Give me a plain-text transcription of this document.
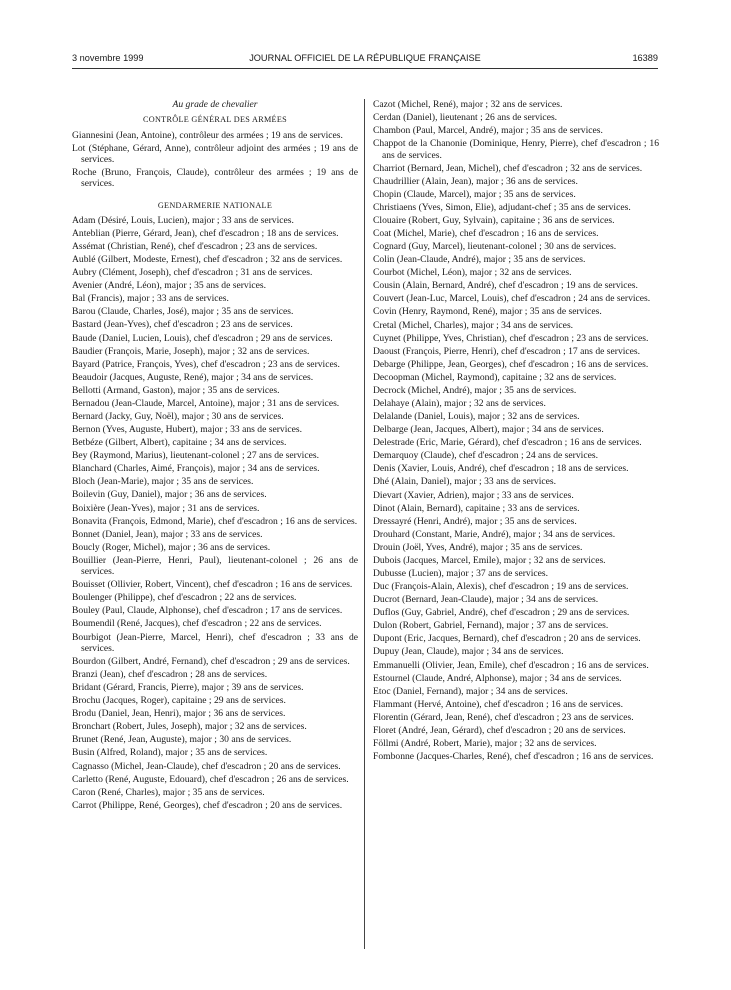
3 novembre 1999	JOURNAL OFFICIEL DE LA RÉPUBLIQUE FRANÇAISE	16389
Au grade de chevalier
CONTRÔLE GÉNÉRAL DES ARMÉES

Giannesini (Jean, Antoine), contrôleur des armées ; 19 ans de services.

Lot (Stéphane, Gérard, Anne), contrôleur adjoint des armées ; 19 ans de services.

Roche (Bruno, François, Claude), contrôleur des armées ; 19 ans de services.

GENDARMERIE NATIONALE

Adam (Désiré, Louis, Lucien), major ; 33 ans de services.

Anteblian (Pierre, Gérard, Jean), chef d'escadron ; 18 ans de services.

Assémat (Christian, René), chef d'escadron ; 23 ans de services.

Aublé (Gilbert, Modeste, Ernest), chef d'escadron ; 32 ans de services.

Aubry (Clément, Joseph), chef d'escadron ; 31 ans de services.

Avenier (André, Léon), major ; 35 ans de services.

Bal (Francis), major ; 33 ans de services.

Barou (Claude, Charles, José), major ; 35 ans de services.

Bastard (Jean-Yves), chef d'escadron ; 23 ans de services.

Baude (Daniel, Lucien, Louis), chef d'escadron ; 29 ans de services.

Baudier (François, Marie, Joseph), major ; 32 ans de services.

Bayard (Patrice, François, Yves), chef d'escadron ; 23 ans de services.

Beaudoir (Jacques, Auguste, René), major ; 34 ans de services.

Bellotti (Armand, Gaston), major ; 35 ans de services.

Bernadou (Jean-Claude, Marcel, Antoine), major ; 31 ans de services.

Bernard (Jacky, Guy, Noël), major ; 30 ans de services.

Bernon (Yves, Auguste, Hubert), major ; 33 ans de services.

Betbéze (Gilbert, Albert), capitaine ; 34 ans de services.

Bey (Raymond, Marius), lieutenant-colonel ; 27 ans de services.

Blanchard (Charles, Aimé, François), major ; 34 ans de services.

Bloch (Jean-Marie), major ; 35 ans de services.

Boilevin (Guy, Daniel), major ; 36 ans de services.

Boixière (Jean-Yves), major ; 31 ans de services.

Bonavita (François, Edmond, Marie), chef d'escadron ; 16 ans de services.

Bonnet (Daniel, Jean), major ; 33 ans de services.

Boucly (Roger, Michel), major ; 36 ans de services.

Bouillier (Jean-Pierre, Henri, Paul), lieutenant-colonel ; 26 ans de services.

Bouisset (Ollivier, Robert, Vincent), chef d'escadron ; 16 ans de services.

Boulenger (Philippe), chef d'escadron ; 22 ans de services.

Bouley (Paul, Claude, Alphonse), chef d'escadron ; 17 ans de services.

Boumendil (René, Jacques), chef d'escadron ; 22 ans de services.

Bourbigot (Jean-Pierre, Marcel, Henri), chef d'escadron ; 33 ans de services.

Bourdon (Gilbert, André, Fernand), chef d'escadron ; 29 ans de services.

Branzi (Jean), chef d'escadron ; 28 ans de services.

Bridant (Gérard, Francis, Pierre), major ; 39 ans de services.

Brochu (Jacques, Roger), capitaine ; 29 ans de services.

Brodu (Daniel, Jean, Henri), major ; 36 ans de services.

Bronchart (Robert, Jules, Joseph), major ; 32 ans de services.

Brunet (René, Jean, Auguste), major ; 30 ans de services.

Busin (Alfred, Roland), major ; 35 ans de services.

Cagnasso (Michel, Jean-Claude), chef d'escadron ; 20 ans de services.

Carletto (René, Auguste, Edouard), chef d'escadron ; 26 ans de services.

Caron (René, Charles), major ; 35 ans de services.

Carrot (Philippe, René, Georges), chef d'escadron ; 20 ans de services.

Cazot (Michel, René), major ; 32 ans de services.

Cerdan (Daniel), lieutenant ; 26 ans de services.

Chambon (Paul, Marcel, André), major ; 35 ans de services.

Chappot de la Chanonie (Dominique, Henry, Pierre), chef d'escadron ; 16 ans de services.

Charriot (Bernard, Jean, Michel), chef d'escadron ; 32 ans de services.

Chaudrillier (Alain, Jean), major ; 36 ans de services.

Chopin (Claude, Marcel), major ; 35 ans de services.

Christiaens (Yves, Simon, Elie), adjudant-chef ; 35 ans de services.

Clouaire (Robert, Guy, Sylvain), capitaine ; 36 ans de services.

Coat (Michel, Marie), chef d'escadron ; 16 ans de services.

Cognard (Guy, Marcel), lieutenant-colonel ; 30 ans de services.

Colin (Jean-Claude, André), major ; 35 ans de services.

Courbot (Michel, Léon), major ; 32 ans de services.

Cousin (Alain, Bernard, André), chef d'escadron ; 19 ans de services.

Couvert (Jean-Luc, Marcel, Louis), chef d'escadron ; 24 ans de services.

Covin (Henry, Raymond, René), major ; 35 ans de services.

Cretal (Michel, Charles), major ; 34 ans de services.

Cuynet (Philippe, Yves, Christian), chef d'escadron ; 23 ans de services.

Daoust (François, Pierre, Henri), chef d'escadron ; 17 ans de services.

Debarge (Philippe, Jean, Georges), chef d'escadron ; 16 ans de services.

Decoopman (Michel, Raymond), capitaine ; 32 ans de services.

Decrock (Michel, André), major ; 35 ans de services.

Delahaye (Alain), major ; 32 ans de services.

Delalande (Daniel, Louis), major ; 32 ans de services.

Delbarge (Jean, Jacques, Albert), major ; 34 ans de services.

Delestrade (Eric, Marie, Gérard), chef d'escadron ; 16 ans de services.

Demarquoy (Claude), chef d'escadron ; 24 ans de services.

Denis (Xavier, Louis, André), chef d'escadron ; 18 ans de services.

Dhé (Alain, Daniel), major ; 33 ans de services.

Dievart (Xavier, Adrien), major ; 33 ans de services.

Dinot (Alain, Bernard), capitaine ; 33 ans de services.

Dressayré (Henri, André), major ; 35 ans de services.

Drouhard (Constant, Marie, André), major ; 34 ans de services.

Drouin (Joël, Yves, André), major ; 35 ans de services.

Dubois (Jacques, Marcel, Emile), major ; 32 ans de services.

Dubusse (Lucien), major ; 37 ans de services.

Duc (François-Alain, Alexis), chef d'escadron ; 19 ans de services.

Ducrot (Bernard, Jean-Claude), major ; 34 ans de services.

Duflos (Guy, Gabriel, André), chef d'escadron ; 29 ans de services.

Dulon (Robert, Gabriel, Fernand), major ; 37 ans de services.

Dupont (Eric, Jacques, Bernard), chef d'escadron ; 20 ans de services.

Dupuy (Jean, Claude), major ; 34 ans de services.

Emmanuelli (Olivier, Jean, Emile), chef d'escadron ; 16 ans de services.

Estournel (Claude, André, Alphonse), major ; 34 ans de services.

Etoc (Daniel, Fernand), major ; 34 ans de services.

Flammant (Hervé, Antoine), chef d'escadron ; 16 ans de services.

Florentin (Gérard, Jean, René), chef d'escadron ; 23 ans de services.

Floret (André, Jean, Gérard), chef d'escadron ; 20 ans de services.

Föllmi (André, Robert, Marie), major ; 32 ans de services.

Fombonne (Jacques-Charles, René), chef d'escadron ; 16 ans de services.
